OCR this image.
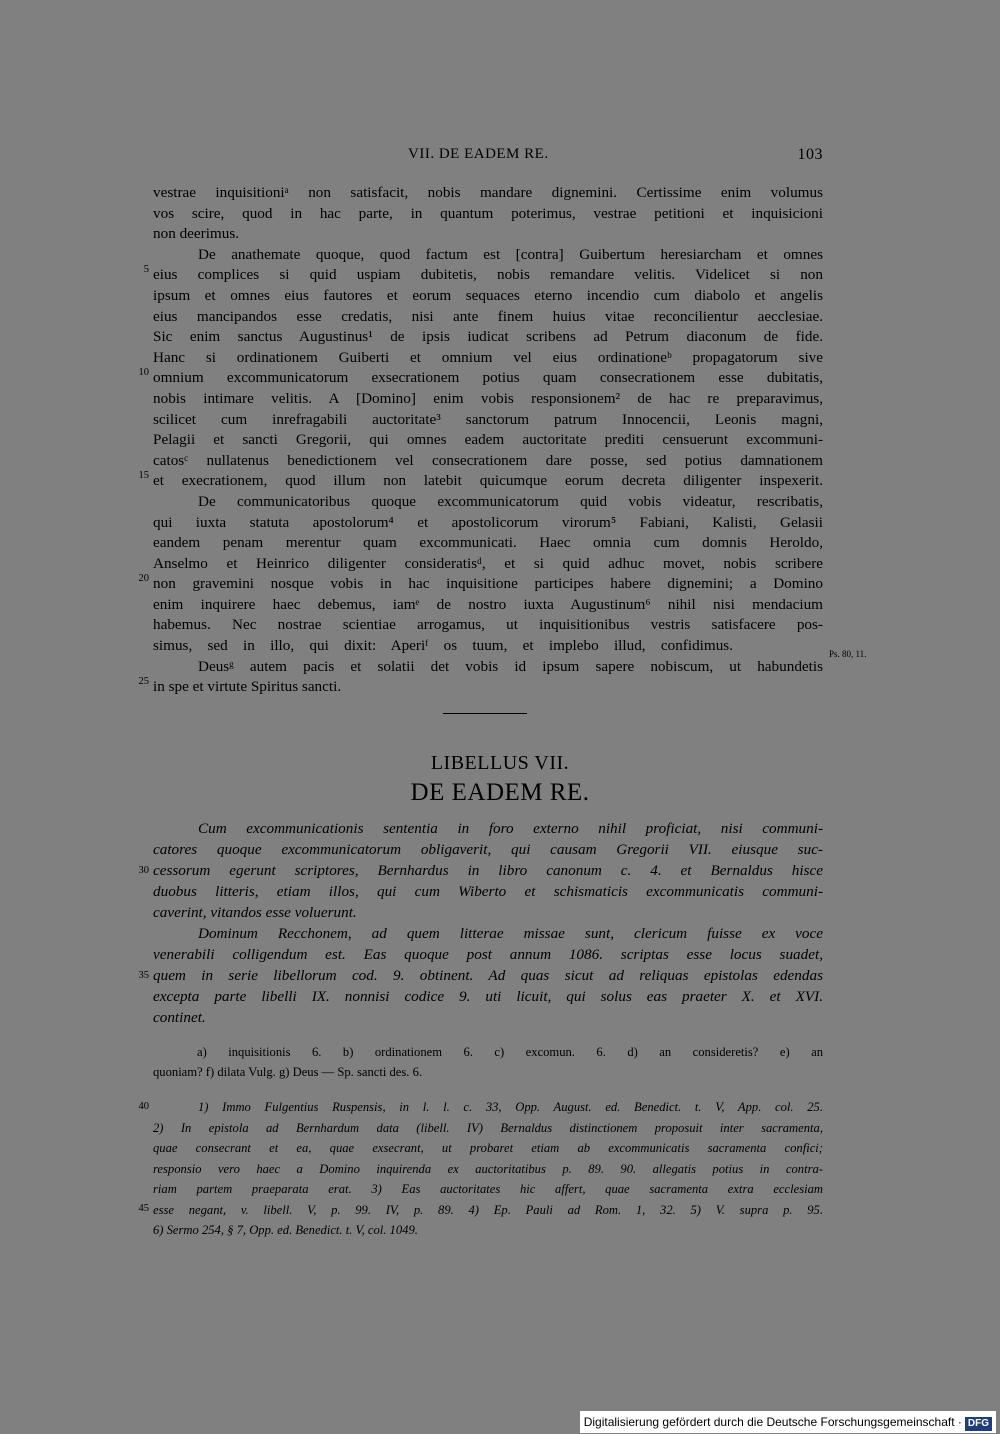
VII. DE EADEM RE.	103
5
10
15
20
25
Ps. 80, 11.
vestrae inquisitioniᵃ non satisfacit, nobis mandare dignemini. Certissime enim volumus
vos scire, quod in hac parte, in quantum poterimus, vestrae petitioni et inquisicioni
non deerimus.
De anathemate quoque, quod factum est [contra] Guibertum heresiarcham et omnes
eius complices si quid uspiam dubitetis, nobis remandare velitis. Videlicet si non
ipsum et omnes eius fautores et eorum sequaces eterno incendio cum diabolo et angelis
eius mancipandos esse credatis, nisi ante finem huius vitae reconcilientur aecclesiae.
Sic enim sanctus Augustinus¹ de ipsis iudicat scribens ad Petrum diaconum de fide.
Hanc si ordinationem Guiberti et omnium vel eius ordinationeᵇ propagatorum sive
omnium excommunicatorum exsecrationem potius quam consecrationem esse dubitatis,
nobis intimare velitis. A [Domino] enim vobis responsionem² de hac re preparavimus,
scilicet cum inrefragabili auctoritate³ sanctorum patrum Innocencii, Leonis magni,
Pelagii et sancti Gregorii, qui omnes eadem auctoritate prediti censuerunt excommuni-
catosᶜ nullatenus benedictionem vel consecrationem dare posse, sed potius damnationem
et execrationem, quod illum non latebit quicumque eorum decreta diligenter inspexerit.
De communicatoribus quoque excommunicatorum quid vobis videatur, rescribatis,
qui iuxta statuta apostolorum⁴ et apostolicorum virorum⁵ Fabiani, Kalisti, Gelasii
eandem penam merentur quam excommunicati. Haec omnia cum domnis Heroldo,
Anselmo et Heinrico diligenter consideratisᵈ, et si quid adhuc movet, nobis scribere
non gravemini nosque vobis in hac inquisitione participes habere dignemini; a Domino
enim inquirere haec debemus, iamᵉ de nostro iuxta Augustinum⁶ nihil nisi mendacium
habemus. Nec nostrae scientiae arrogamus, ut inquisitionibus vestris satisfacere pos-
simus, sed in illo, qui dixit: Aperiᶠ os tuum, et implebo illud, confidimus.
Deusᵍ autem pacis et solatii det vobis id ipsum sapere nobiscum, ut habundetis
in spe et virtute Spiritus sancti.
LIBELLUS VII.
DE EADEM RE.
30
35
Cum excommunicationis sententia in foro externo nihil proficiat, nisi communi-
catores quoque excommunicatorum obligaverit, qui causam Gregorii VII. eiusque suc-
cessorum egerunt scriptores, Bernhardus in libro canonum c. 4. et Bernaldus hisce
duobus litteris, etiam illos, qui cum Wiberto et schismaticis excommunicatis communi-
caverint, vitandos esse voluerunt.
Dominum Recchonem, ad quem litterae missae sunt, clericum fuisse ex voce
venerabili colligendum est. Eas quoque post annum 1086. scriptas esse locus suadet,
quem in serie libellorum cod. 9. obtinent. Ad quas sicut ad reliquas epistolas edendas
excepta parte libelli IX. nonnisi codice 9. uti licuit, qui solus eas praeter X. et XVI.
continet.
a) inquisitionis 6. b) ordinationem 6. c) excomun. 6. d) an consideretis? e) an
quoniam? f) dilata Vulg. g) Deus — Sp. sancti des. 6.
40
45
1) Immo Fulgentius Ruspensis, in l. l. c. 33, Opp. August. ed. Benedict. t. V, App. col. 25.
2) In epistola ad Bernhardum data (libell. IV) Bernaldus distinctionem proposuit inter sacramenta,
quae consecrant et ea, quae exsecrant, ut probaret etiam ab excommunicatis sacramenta confici;
responsio vero haec a Domino inquirenda ex auctoritatibus p. 89. 90. allegatis potius in contra-
riam partem praeparata erat. 3) Eas auctoritates hic affert, quae sacramenta extra ecclesiam
esse negant, v. libell. V, p. 99. IV, p. 89. 4) Ep. Pauli ad Rom. 1, 32. 5) V. supra p. 95.
6) Sermo 254, § 7, Opp. ed. Benedict. t. V, col. 1049.
Digitalisierung gefördert durch die Deutsche Forschungsgemeinschaft · DFG
